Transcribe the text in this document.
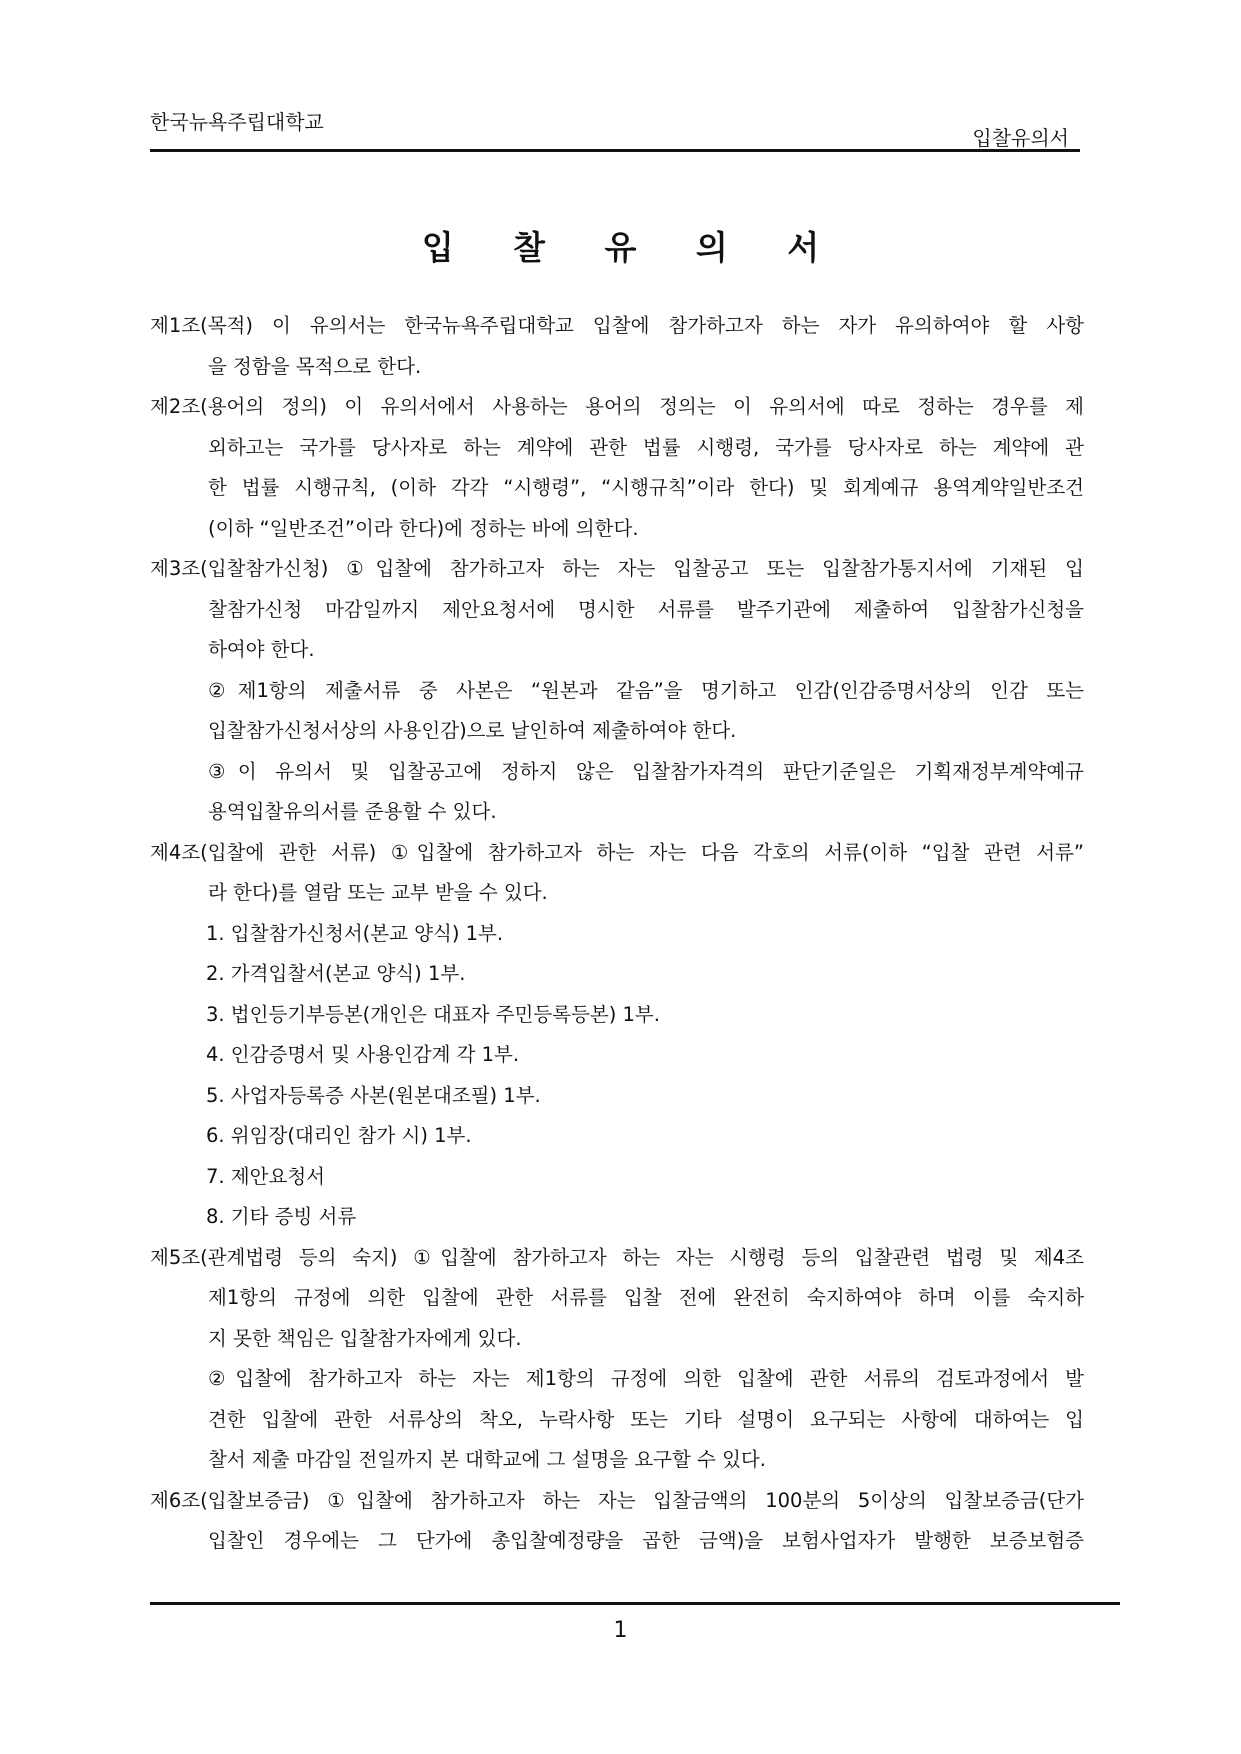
한국뉴욕주립대학교
입찰유의서
입 찰 유 의 서
제1조(목적) 이 유의서는 한국뉴욕주립대학교 입찰에 참가하고자 하는 자가 유의하여야 할 사항
을 정함을 목적으로 한다.
제2조(용어의 정의) 이 유의서에서 사용하는 용어의 정의는 이 유의서에 따로 정하는 경우를 제
외하고는 국가를 당사자로 하는 계약에 관한 법률 시행령, 국가를 당사자로 하는 계약에 관
한 법률 시행규칙, (이하 각각 “시행령”, “시행규칙”이라 한다) 및 회계예규 용역계약일반조건
(이하 “일반조건”이라 한다)에 정하는 바에 의한다.
제3조(입찰참가신청) ①입찰에 참가하고자 하는 자는 입찰공고 또는 입찰참가통지서에 기재된 입
찰참가신청 마감일까지 제안요청서에 명시한 서류를 발주기관에 제출하여 입찰참가신청을
하여야 한다.
②제1항의 제출서류 중 사본은 “원본과 같음”을 명기하고 인감(인감증명서상의 인감 또는
입찰참가신청서상의 사용인감)으로 날인하여 제출하여야 한다.
③이 유의서 및 입찰공고에 정하지 않은 입찰참가자격의 판단기준일은 기획재정부계약예규
용역입찰유의서를 준용할 수 있다.
제4조(입찰에 관한 서류) ①입찰에 참가하고자 하는 자는 다음 각호의 서류(이하 “입찰 관련 서류”
라 한다)를 열람 또는 교부 받을 수 있다.
1. 입찰참가신청서(본교 양식) 1부.
2. 가격입찰서(본교 양식) 1부.
3. 법인등기부등본(개인은 대표자 주민등록등본) 1부.
4. 인감증명서 및 사용인감계 각 1부.
5. 사업자등록증 사본(원본대조필) 1부.
6. 위임장(대리인 참가 시) 1부.
7. 제안요청서
8. 기타 증빙 서류
제5조(관계법령 등의 숙지) ①입찰에 참가하고자 하는 자는 시행령 등의 입찰관련 법령 및 제4조
제1항의 규정에 의한 입찰에 관한 서류를 입찰 전에 완전히 숙지하여야 하며 이를 숙지하
지 못한 책임은 입찰참가자에게 있다.
②입찰에 참가하고자 하는 자는 제1항의 규정에 의한 입찰에 관한 서류의 검토과정에서 발
견한 입찰에 관한 서류상의 착오, 누락사항 또는 기타 설명이 요구되는 사항에 대하여는 입
찰서 제출 마감일 전일까지 본 대학교에 그 설명을 요구할 수 있다.
제6조(입찰보증금) ①입찰에 참가하고자 하는 자는 입찰금액의 100분의 5이상의 입찰보증금(단가
입찰인 경우에는 그 단가에 총입찰예정량을 곱한 금액)을 보험사업자가 발행한 보증보험증
1
